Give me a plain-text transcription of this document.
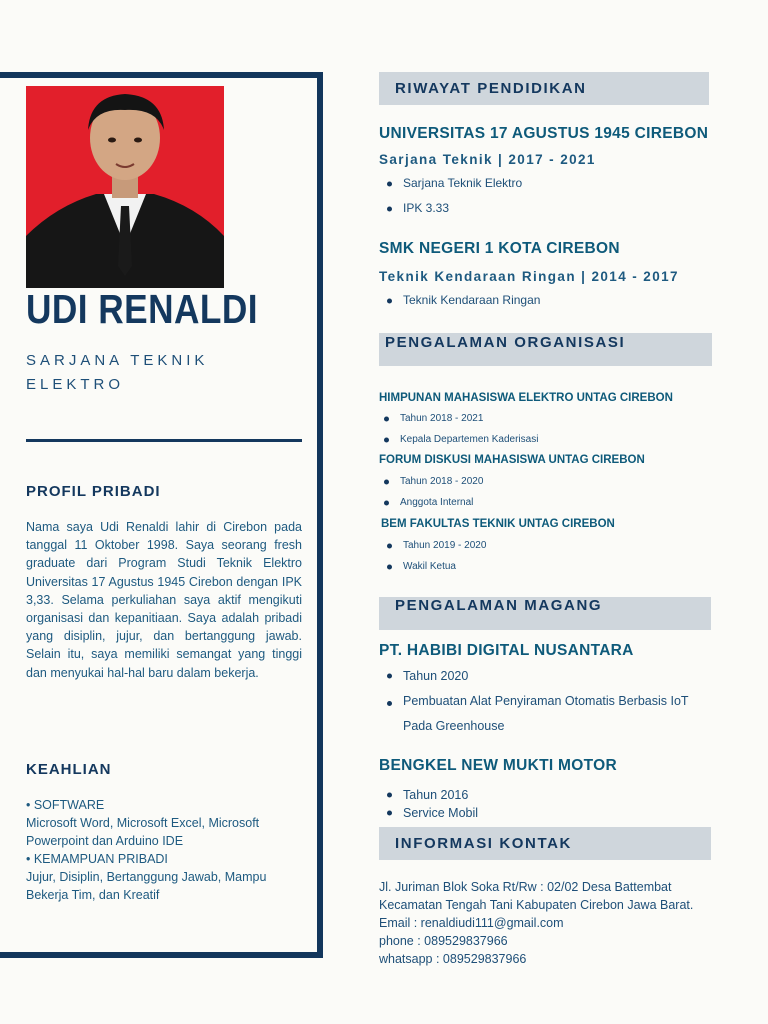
UDI RENALDI
SARJANA TEKNIK ELEKTRO
PROFIL PRIBADI
Nama saya Udi Renaldi lahir di Cirebon pada tanggal 11 Oktober 1998. Saya seorang fresh graduate dari Program Studi Teknik Elektro Universitas 17 Agustus 1945 Cirebon dengan IPK 3,33. Selama perkuliahan saya aktif mengikuti organisasi dan kepanitiaan. Saya adalah pribadi yang disiplin, jujur, dan bertanggung jawab. Selain itu, saya memiliki semangat yang tinggi dan menyukai hal-hal baru dalam bekerja.
KEAHLIAN
• SOFTWARE
Microsoft Word, Microsoft Excel, Microsoft Powerpoint dan Arduino IDE
• KEMAMPUAN PRIBADI
Jujur, Disiplin, Bertanggung Jawab, Mampu Bekerja Tim, dan Kreatif
RIWAYAT PENDIDIKAN
UNIVERSITAS 17 AGUSTUS 1945 CIREBON
Sarjana Teknik | 2017 - 2021
Sarjana Teknik Elektro
IPK 3.33
SMK NEGERI 1 KOTA CIREBON
Teknik Kendaraan Ringan | 2014 - 2017
Teknik Kendaraan Ringan
PENGALAMAN ORGANISASI
HIMPUNAN MAHASISWA ELEKTRO UNTAG CIREBON
Tahun 2018 - 2021
Kepala Departemen Kaderisasi
FORUM DISKUSI MAHASISWA UNTAG CIREBON
Tahun 2018 - 2020
Anggota Internal
BEM FAKULTAS TEKNIK UNTAG CIREBON
Tahun 2019 - 2020
Wakil Ketua
PENGALAMAN MAGANG
PT. HABIBI DIGITAL NUSANTARA
Tahun 2020
Pembuatan Alat Penyiraman Otomatis Berbasis IoT Pada Greenhouse
BENGKEL NEW MUKTI MOTOR
Tahun 2016
Service Mobil
INFORMASI KONTAK
Jl. Juriman Blok Soka Rt/Rw : 02/02 Desa Battembat Kecamatan Tengah Tani Kabupaten Cirebon Jawa Barat.
Email : renaldiudi111@gmail.com
phone : 089529837966
whatsapp : 089529837966
